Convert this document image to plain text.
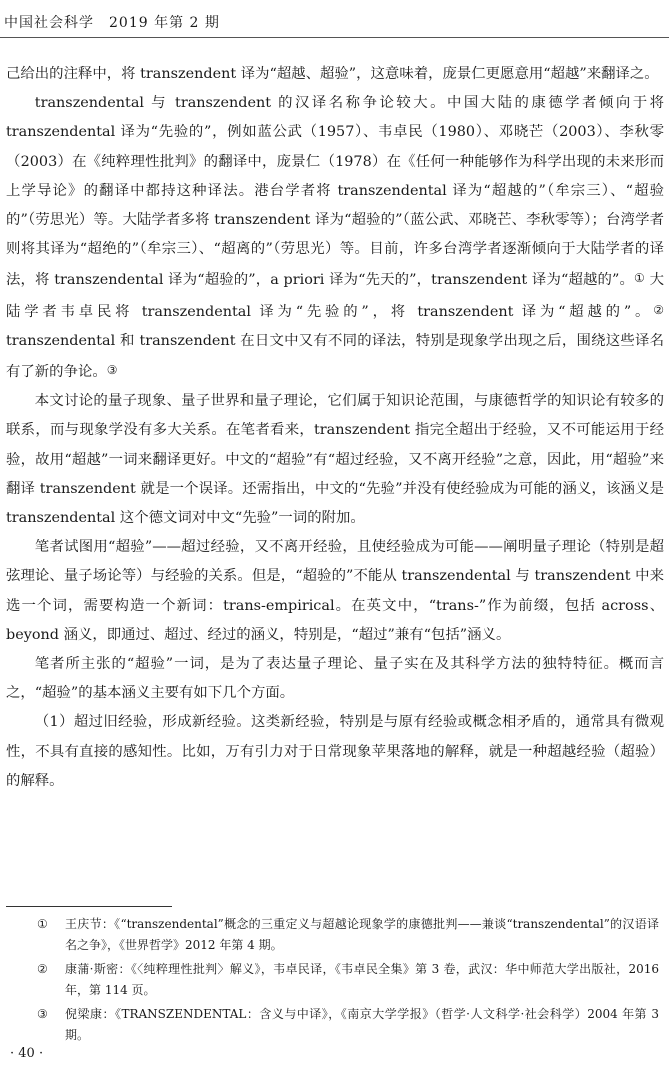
中国社会科学　2019 年第 2 期

己给出的注释中，将 transzendent 译为“超越、超验”，这意味着，庞景仁更愿意用“超越”来翻译之。

transzendental 与 transzendent 的汉译名称争论较大。中国大陆的康德学者倾向于将 transzendental 译为“先验的”，例如蓝公武（1957）、韦卓民（1980）、邓晓芒（2003）、李秋零（2003）在《纯粹理性批判》的翻译中，庞景仁（1978）在《任何一种能够作为科学出现的未来形而上学导论》的翻译中都持这种译法。港台学者将 transzendental 译为“超越的”（牟宗三）、“超验的”（劳思光）等。大陆学者多将 transzendent 译为“超验的”（蓝公武、邓晓芒、李秋零等）；台湾学者则将其译为“超绝的”（牟宗三）、“超离的”（劳思光）等。目前，许多台湾学者逐渐倾向于大陆学者的译法，将 transzendental 译为“超验的”，a priori 译为“先天的”，transzendent 译为“超越的”。① 大陆学者韦卓民将 transzendental 译为“先验的”，将 transzendent 译为“超越的”。② transzendental 和 transzendent 在日文中又有不同的译法，特别是现象学出现之后，围绕这些译名有了新的争论。③

本文讨论的量子现象、量子世界和量子理论，它们属于知识论范围，与康德哲学的知识论有较多的联系，而与现象学没有多大关系。在笔者看来，transzendent 指完全超出于经验，又不可能运用于经验，故用“超越”一词来翻译更好。中文的“超验”有“超过经验，又不离开经验”之意，因此，用“超验”来翻译 transzendent 就是一个误译。还需指出，中文的“先验”并没有使经验成为可能的涵义，该涵义是 transzendental 这个德文词对中文“先验”一词的附加。

笔者试图用“超验”——超过经验，又不离开经验，且使经验成为可能——阐明量子理论（特别是超弦理论、量子场论等）与经验的关系。但是，“超验的”不能从 transzendental 与 transzendent 中来选一个词，需要构造一个新词：trans-empirical。在英文中，“trans-”作为前缀，包括 across、beyond 涵义，即通过、超过、经过的涵义，特别是，“超过”兼有“包括”涵义。

笔者所主张的“超验”一词，是为了表达量子理论、量子实在及其科学方法的独特特征。概而言之，“超验”的基本涵义主要有如下几个方面。

（1）超过旧经验，形成新经验。这类新经验，特别是与原有经验或概念相矛盾的，通常具有微观性，不具有直接的感知性。比如，万有引力对于日常现象苹果落地的解释，就是一种超越经验（超验）的解释。

①	王庆节：《“transzendental”概念的三重定义与超越论现象学的康德批判——兼谈“transzendental”的汉语译名之争》，《世界哲学》2012 年第 4 期。
②	康蒲·斯密：《〈纯粹理性批判〉解义》，韦卓民译，《韦卓民全集》第 3 卷，武汉：华中师范大学出版社，2016 年，第 114 页。
③	倪梁康：《TRANSZENDENTAL：含义与中译》，《南京大学学报》（哲学·人文科学·社会科学）2004 年第 3 期。
· 40 ·
